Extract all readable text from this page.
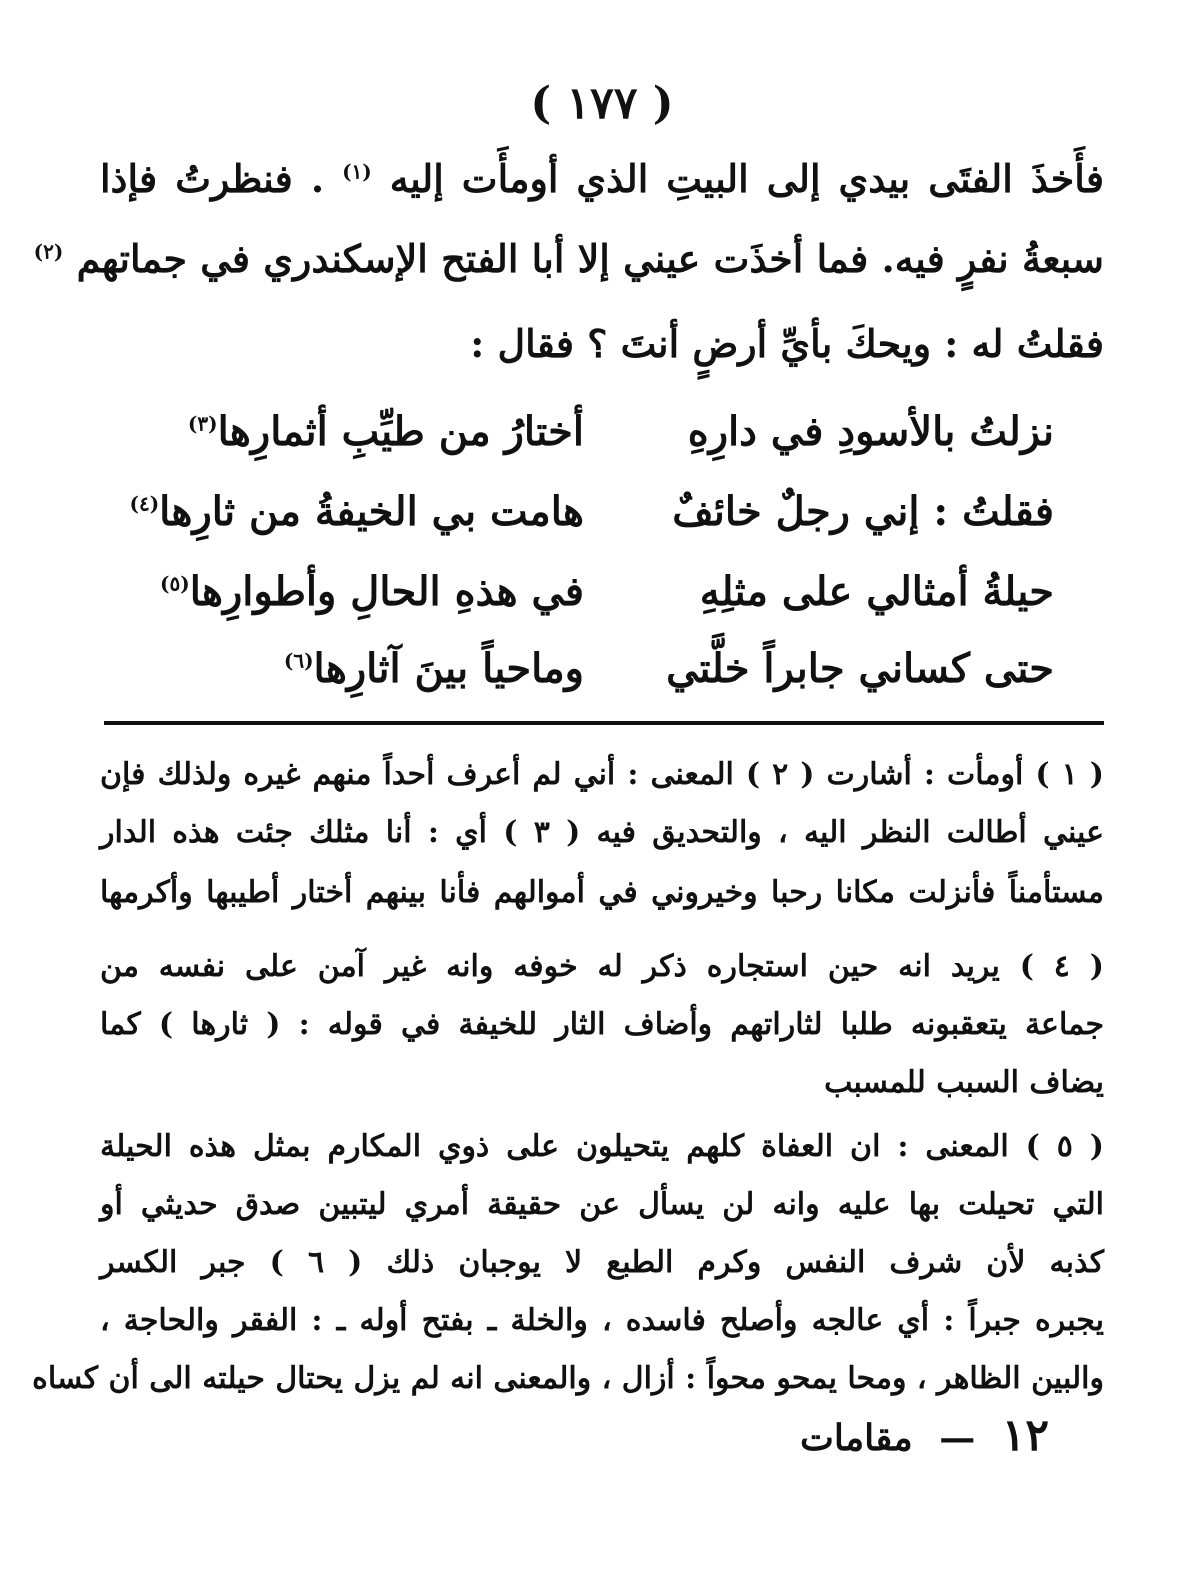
( ١٧٧ )
فأَخذَ الفتَى بيدي إلى البيتِ الذي أومأَت إليه $^{(١)}$ . فنظرتُ فإذا
سبعةُ نفرٍ فيه. فما أخذَت عيني إلا أبا الفتح الإسكندري في جماتهم $^{(٢)}$
فقلتُ له : ويحكَ بأيِّ أرضٍ أنتَ ؟ فقال :
نزلتُ بالأسودِ في دارِهِ
أختارُ من طيِّبِ أثمارِها$^{(٣)}$
فقلتُ : إني رجلٌ خائفٌ
هامت بي الخيفةُ من ثارِها$^{(٤)}$
حيلةُ أمثالي على مثلِهِ
في هذهِ الحالِ وأطوارِها$^{(٥)}$
حتى كساني جابراً خلَّتي
وماحياً بينَ آثارِها$^{(٦)}$
( ١ ) أومأت : أشارت ( ٢ ) المعنى : أني لم أعرف أحداً منهم غيره ولذلك فإن
عيني أطالت النظر اليه ، والتحديق فيه ( ٣ ) أي : أنا مثلك جئت هذه الدار
مستأمناً فأنزلت مكانا رحبا وخيروني في أموالهم فأنا بينهم أختار أطيبها وأكرمها
( ٤ ) يريد انه حين استجاره ذكر له خوفه وانه غير آمن على نفسه من
جماعة يتعقبونه طلبا لثاراتهم وأضاف الثار للخيفة في قوله : ( ثارها ) كما
يضاف السبب للمسبب
( ٥ ) المعنى : ان العفاة كلهم يتحيلون على ذوي المكارم بمثل هذه الحيلة
التي تحيلت بها عليه وانه لن يسأل عن حقيقة أمري ليتبين صدق حديثي أو
كذبه لأن شرف النفس وكرم الطبع لا يوجبان ذلك ( ٦ ) جبر الكسر
يجبره جبراً : أي عالجه وأصلح فاسده ، والخلة ـ بفتح أوله ـ : الفقر والحاجة ،
والبين الظاهر ، ومحا يمحو محواً : أزال ، والمعنى انه لم يزل يحتال حيلته الى أن كساه
١٢ — مقامات
